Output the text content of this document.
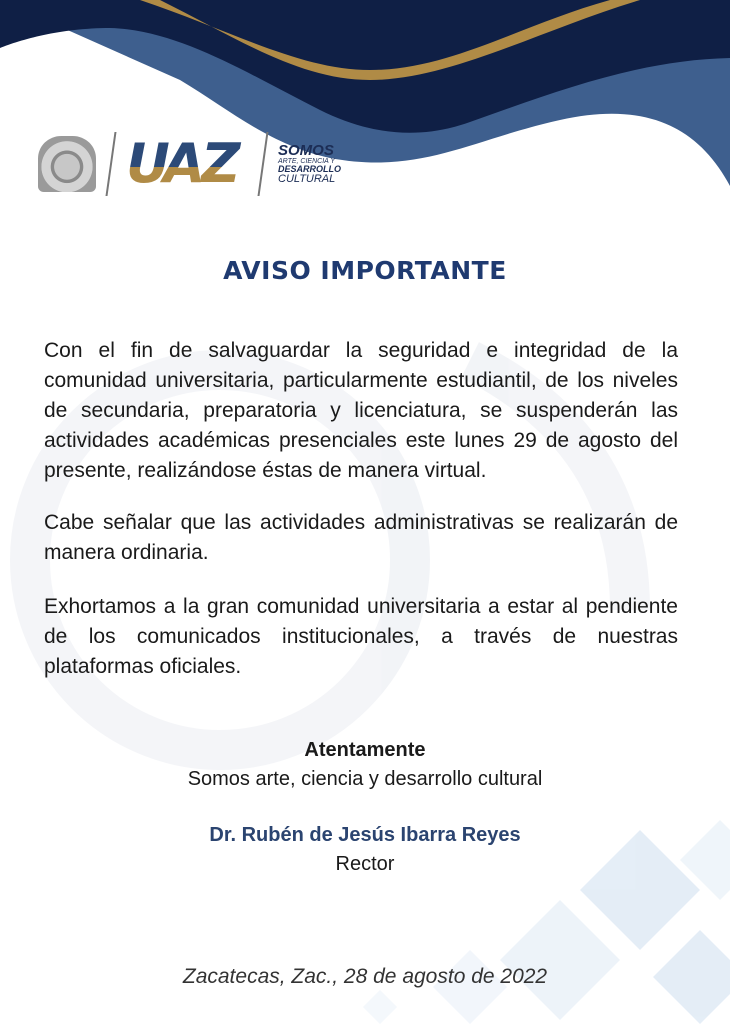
UAZ	SOMOS
ARTE, CIENCIA Y
DESARROLLO
CULTURAL
AVISO IMPORTANTE

Con el fin de salvaguardar la seguridad e integridad de la comunidad universitaria, particularmente estudiantil, de los niveles de secundaria, preparatoria y licenciatura, se suspenderán las actividades académicas presenciales este lunes 29 de agosto del presente, realizándose éstas de manera virtual.

Cabe señalar que las actividades administrativas se realizarán de manera ordinaria.

Exhortamos a la gran comunidad universitaria a estar al pendiente de los comunicados institucionales, a través de nuestras plataformas oficiales.

Atentamente
Somos arte, ciencia y desarrollo cultural
Dr. Rubén de Jesús Ibarra Reyes
Rector
Zacatecas, Zac., 28 de agosto de 2022
